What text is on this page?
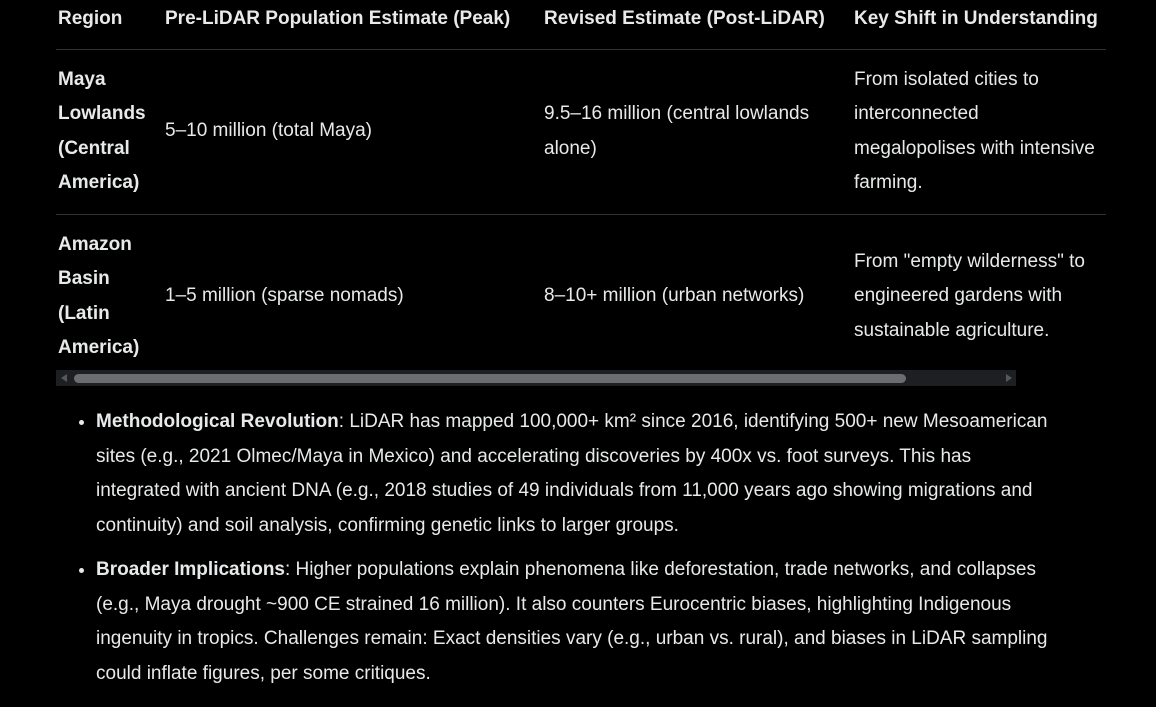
Region	Pre-LiDAR Population Estimate (Peak)	Revised Estimate (Post-LiDAR)	Key Shift in Understanding
Maya Lowlands (Central America)	5–10 million (total Maya)	9.5–16 million (central lowlands alone)	From isolated cities to interconnected megalopolises with intensive farming.
Amazon Basin (Latin America)	1–5 million (sparse nomads)	8–10+ million (urban networks)	From "empty wilderness" to engineered gardens with sustainable agriculture.
• Methodological Revolution: LiDAR has mapped 100,000+ km² since 2016, identifying 500+ new Mesoamerican sites (e.g., 2021 Olmec/Maya in Mexico) and accelerating discoveries by 400x vs. foot surveys. This has integrated with ancient DNA (e.g., 2018 studies of 49 individuals from 11,000 years ago showing migrations and continuity) and soil analysis, confirming genetic links to larger groups.
• Broader Implications: Higher populations explain phenomena like deforestation, trade networks, and collapses (e.g., Maya drought ~900 CE strained 16 million). It also counters Eurocentric biases, highlighting Indigenous ingenuity in tropics. Challenges remain: Exact densities vary (e.g., urban vs. rural), and biases in LiDAR sampling could inflate figures, per some critiques.
